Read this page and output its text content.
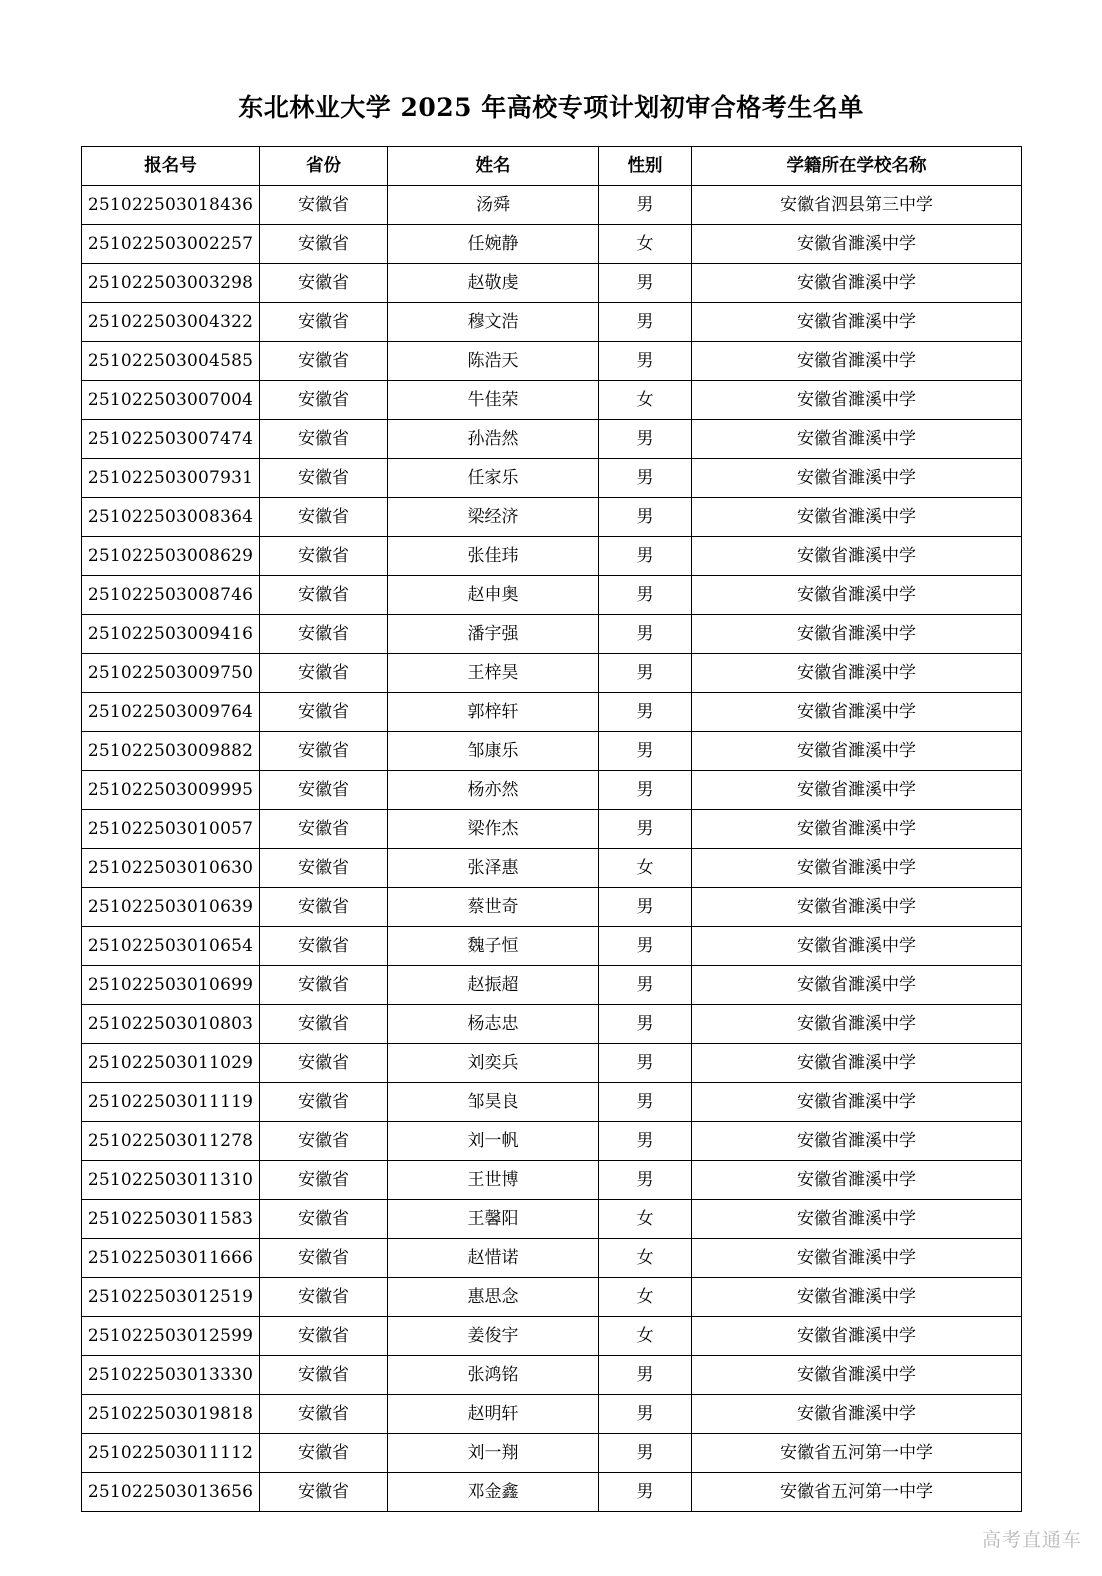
东北林业大学 2025 年高校专项计划初审合格考生名单
报名号	省份	姓名	性别	学籍所在学校名称
251022503018436	安徽省	汤舜	男	安徽省泗县第三中学
251022503002257	安徽省	任婉静	女	安徽省濉溪中学
251022503003298	安徽省	赵敬虔	男	安徽省濉溪中学
251022503004322	安徽省	穆文浩	男	安徽省濉溪中学
251022503004585	安徽省	陈浩天	男	安徽省濉溪中学
251022503007004	安徽省	牛佳荣	女	安徽省濉溪中学
251022503007474	安徽省	孙浩然	男	安徽省濉溪中学
251022503007931	安徽省	任家乐	男	安徽省濉溪中学
251022503008364	安徽省	梁经济	男	安徽省濉溪中学
251022503008629	安徽省	张佳玮	男	安徽省濉溪中学
251022503008746	安徽省	赵申奥	男	安徽省濉溪中学
251022503009416	安徽省	潘宇强	男	安徽省濉溪中学
251022503009750	安徽省	王梓昊	男	安徽省濉溪中学
251022503009764	安徽省	郭梓轩	男	安徽省濉溪中学
251022503009882	安徽省	邹康乐	男	安徽省濉溪中学
251022503009995	安徽省	杨亦然	男	安徽省濉溪中学
251022503010057	安徽省	梁作杰	男	安徽省濉溪中学
251022503010630	安徽省	张泽惠	女	安徽省濉溪中学
251022503010639	安徽省	蔡世奇	男	安徽省濉溪中学
251022503010654	安徽省	魏子恒	男	安徽省濉溪中学
251022503010699	安徽省	赵振超	男	安徽省濉溪中学
251022503010803	安徽省	杨志忠	男	安徽省濉溪中学
251022503011029	安徽省	刘奕兵	男	安徽省濉溪中学
251022503011119	安徽省	邹昊良	男	安徽省濉溪中学
251022503011278	安徽省	刘一帆	男	安徽省濉溪中学
251022503011310	安徽省	王世博	男	安徽省濉溪中学
251022503011583	安徽省	王馨阳	女	安徽省濉溪中学
251022503011666	安徽省	赵惜诺	女	安徽省濉溪中学
251022503012519	安徽省	惠思念	女	安徽省濉溪中学
251022503012599	安徽省	姜俊宇	女	安徽省濉溪中学
251022503013330	安徽省	张鸿铭	男	安徽省濉溪中学
251022503019818	安徽省	赵明轩	男	安徽省濉溪中学
251022503011112	安徽省	刘一翔	男	安徽省五河第一中学
251022503013656	安徽省	邓金鑫	男	安徽省五河第一中学
高考直通车
